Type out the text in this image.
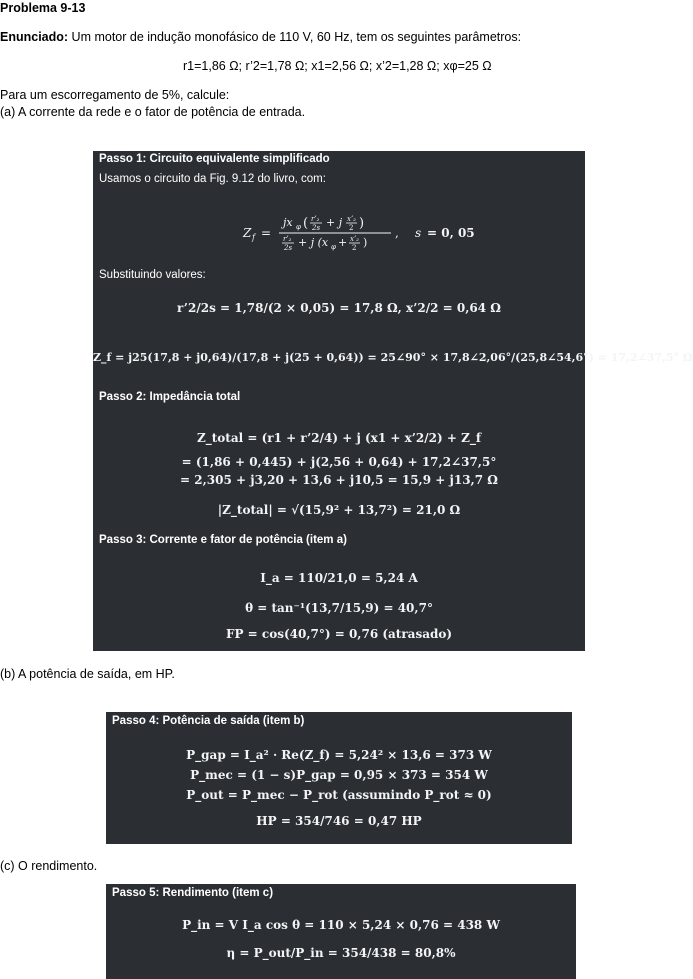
Problema 9-13
Enunciado: Um motor de indução monofásico de 110 V, 60 Hz, tem os seguintes parâmetros:
r1=1,86 Ω; r’2=1,78 Ω; x1=2,56 Ω; x’2=1,28 Ω; xφ=25 Ω
Para um escorregamento de 5%, calcule:
(a) A corrente da rede e o fator de potência de entrada.
Passo 1: Circuito equivalente simplificado
Usamos o circuito da Fig. 9.12 do livro, com:
Z f =
jx φ ( r’₂
2s + j x’₂
2 )
r’₂
2s + j (x φ + x’₂
2 )
, s = 0, 05
Substituindo valores:
r’2/2s = 1,78/(2 × 0,05) = 17,8 Ω, x’2/2 = 0,64 Ω
Z_f = j25(17,8 + j0,64)/(17,8 + j(25 + 0,64)) = 25∠90° × 17,8∠2,06°/(25,8∠54,6°) = 17,2∠37,5° Ω
Passo 2: Impedância total
Z_total = (r1 + r’2/4) + j (x1 + x’2/2) + Z_f
= (1,86 + 0,445) + j(2,56 + 0,64) + 17,2∠37,5°
= 2,305 + j3,20 + 13,6 + j10,5 = 15,9 + j13,7 Ω
|Z_total| = √(15,9² + 13,7²) = 21,0 Ω
Passo 3: Corrente e fator de potência (item a)
I_a = 110/21,0 = 5,24 A
θ = tan⁻¹(13,7/15,9) = 40,7°
FP = cos(40,7°) = 0,76 (atrasado)
(b) A potência de saída, em HP.
Passo 4: Potência de saída (item b)
P_gap = I_a² · Re(Z_f) = 5,24² × 13,6 = 373 W
P_mec = (1 − s)P_gap = 0,95 × 373 = 354 W
P_out = P_mec − P_rot (assumindo P_rot ≈ 0)
HP = 354/746 = 0,47 HP
(c) O rendimento.
Passo 5: Rendimento (item c)
P_in = V I_a cos θ = 110 × 5,24 × 0,76 = 438 W
η = P_out/P_in = 354/438 = 80,8%
